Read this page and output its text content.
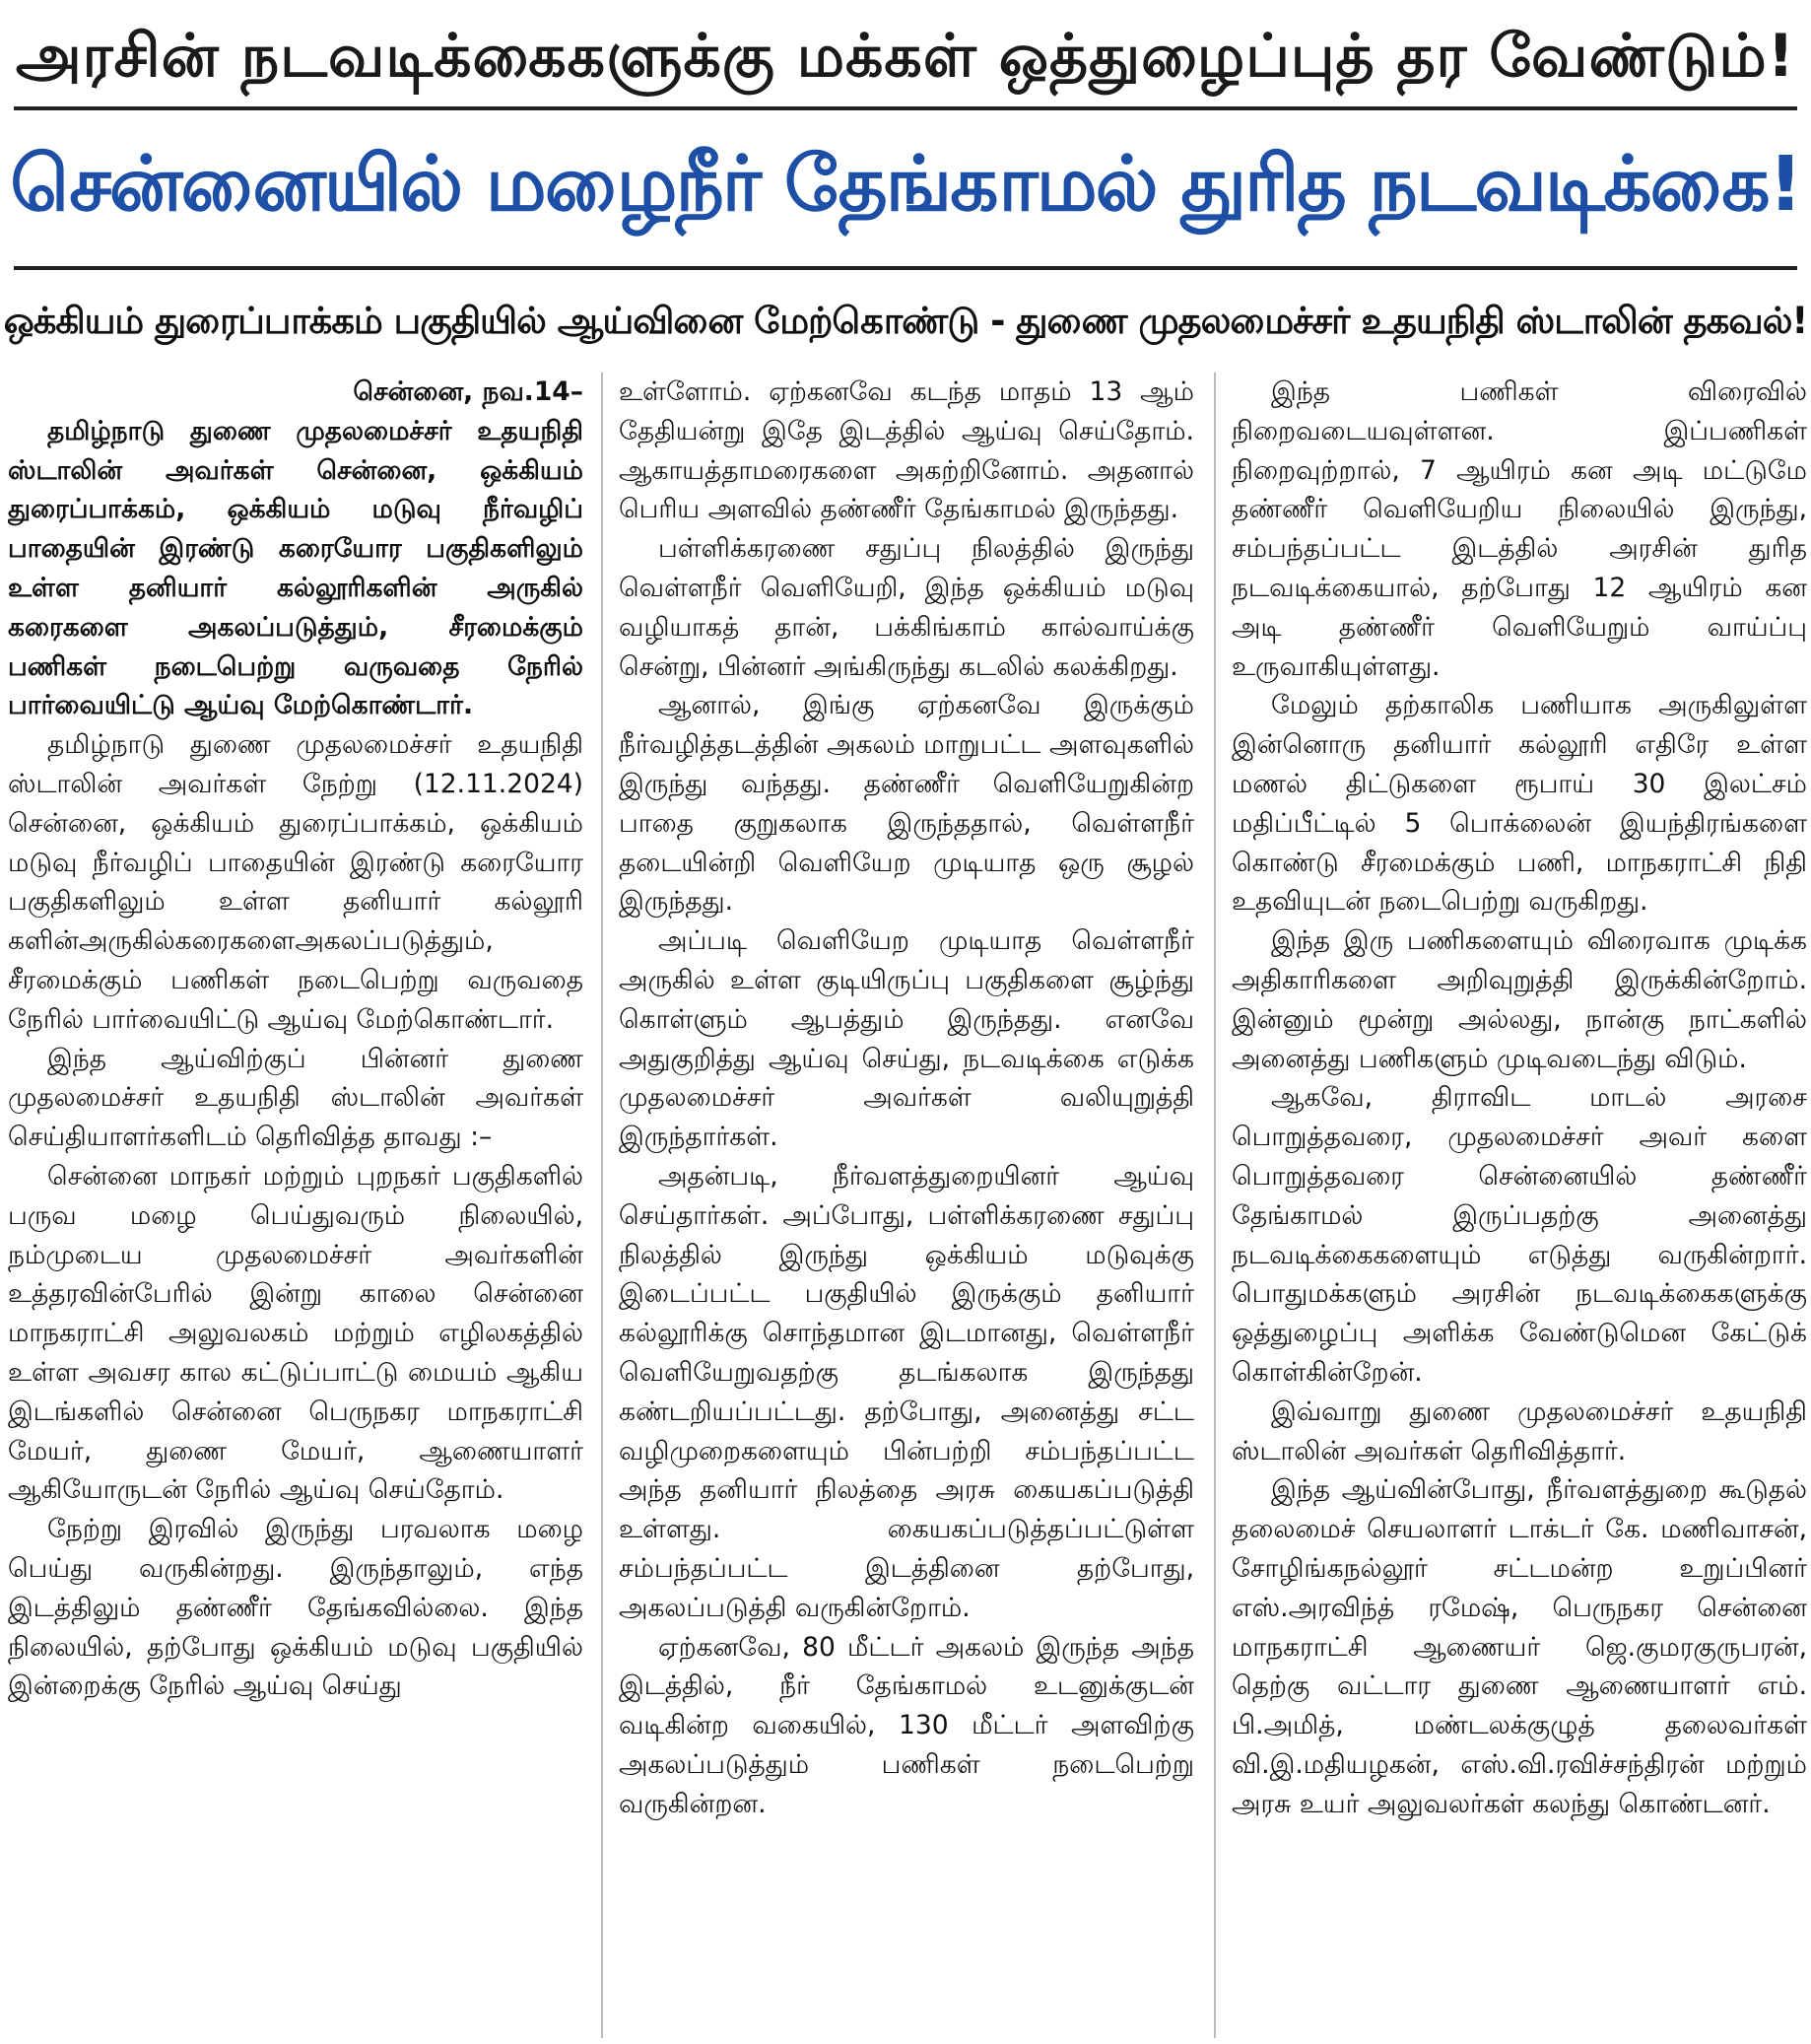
அரசின் நடவடிக்கைகளுக்கு மக்கள் ஒத்துழைப்புத் தர வேண்டும்!
சென்னையில் மழைநீர் தேங்காமல் துரித நடவடிக்கை!
ஒக்கியம் துரைப்பாக்கம் பகுதியில் ஆய்வினை மேற்கொண்டு - துணை முதலமைச்சர் உதயநிதி ஸ்டாலின் தகவல்!

சென்னை, நவ.14–

தமிழ்நாடு துணை முதலமைச்சர் உதயநிதி ஸ்டாலின் அவர்கள் சென்னை, ஒக்கியம் துரைப்பாக்கம், ஒக்கியம் மடுவு நீர்வழிப் பாதையின் இரண்டு கரையோர பகுதிகளிலும் உள்ள தனியார் கல்லூரிகளின் அருகில் கரைகளை அகலப்படுத்தும், சீரமைக்கும் பணிகள் நடைபெற்று வருவதை நேரில் பார்வையிட்டு ஆய்வு மேற்கொண்டார்.

தமிழ்நாடு துணை முதலமைச்சர் உதயநிதி ஸ்டாலின் அவர்கள் நேற்று (12.11.2024) சென்னை, ஒக்கியம் துரைப்பாக்கம், ஒக்கியம் மடுவு நீர்வழிப் பாதையின் இரண்டு கரையோர பகுதிகளிலும் உள்ள தனியார் கல்லூரி களின்அருகில்கரைகளைஅகலப்படுத்தும், சீரமைக்கும் பணிகள் நடைபெற்று வருவதை நேரில் பார்வையிட்டு ஆய்வு மேற்கொண்டார்.

இந்த ஆய்விற்குப் பின்னர் துணை முதலமைச்சர் உதயநிதி ஸ்டாலின் அவர்கள் செய்தியாளர்களிடம் தெரிவித்த தாவது :–

சென்னை மாநகர் மற்றும் புறநகர் பகுதிகளில் பருவ மழை பெய்துவரும் நிலையில், நம்முடைய முதலமைச்சர் அவர்களின் உத்தரவின்பேரில் இன்று காலை சென்னை மாநகராட்சி அலுவலகம் மற்றும் எழிலகத்தில் உள்ள அவசர கால கட்டுப்பாட்டு மையம் ஆகிய இடங்களில் சென்னை பெருநகர மாநகராட்சி மேயர், துணை மேயர், ஆணையாளர் ஆகியோருடன் நேரில் ஆய்வு செய்தோம்.

நேற்று இரவில் இருந்து பரவலாக மழை பெய்து வருகின்றது. இருந்தாலும், எந்த இடத்திலும் தண்ணீர் தேங்கவில்லை. இந்த நிலையில், தற்போது ஒக்கியம் மடுவு பகுதியில் இன்றைக்கு நேரில் ஆய்வு செய்து

உள்ளோம். ஏற்கனவே கடந்த மாதம் 13 ஆம் தேதியன்று இதே இடத்தில் ஆய்வு செய்தோம். ஆகாயத்தாமரைகளை அகற்றினோம். அதனால் பெரிய அளவில் தண்ணீர் தேங்காமல் இருந்தது.

பள்ளிக்கரணை சதுப்பு நிலத்தில் இருந்து வெள்ளநீர் வெளியேறி, இந்த ஒக்கியம் மடுவு வழியாகத் தான், பக்கிங்காம் கால்வாய்க்கு சென்று, பின்னர் அங்கிருந்து கடலில் கலக்கிறது.

ஆனால், இங்கு ஏற்கனவே இருக்கும் நீர்வழித்தடத்தின் அகலம் மாறுபட்ட அளவுகளில் இருந்து வந்தது. தண்ணீர் வெளியேறுகின்ற பாதை குறுகலாக இருந்ததால், வெள்ளநீர் தடையின்றி வெளியேற முடியாத ஒரு சூழல் இருந்தது.

அப்படி வெளியேற முடியாத வெள்ளநீர் அருகில் உள்ள குடியிருப்பு பகுதிகளை சூழ்ந்து கொள்ளும் ஆபத்தும் இருந்தது. எனவே அதுகுறித்து ஆய்வு செய்து, நடவடிக்கை எடுக்க முதலமைச்சர் அவர்கள் வலியுறுத்தி இருந்தார்கள்.

அதன்படி, நீர்வளத்துறையினர் ஆய்வு செய்தார்கள். அப்போது, பள்ளிக்கரணை சதுப்பு நிலத்தில் இருந்து ஒக்கியம் மடுவுக்கு இடைப்பட்ட பகுதியில் இருக்கும் தனியார் கல்லூரிக்கு சொந்தமான இடமானது, வெள்ளநீர் வெளியேறுவதற்கு தடங்கலாக இருந்தது கண்டறியப்பட்டது. தற்போது, அனைத்து சட்ட வழிமுறைகளையும் பின்பற்றி சம்பந்தப்பட்ட அந்த தனியார் நிலத்தை அரசு கையகப்படுத்தி உள்ளது. கையகப்படுத்தப்பட்டுள்ள சம்பந்தப்பட்ட இடத்தினை தற்போது, அகலப்படுத்தி வருகின்றோம்.

ஏற்கனவே, 80 மீட்டர் அகலம் இருந்த அந்த இடத்தில், நீர் தேங்காமல் உடனுக்குடன் வடிகின்ற வகையில், 130 மீட்டர் அளவிற்கு அகலப்படுத்தும் பணிகள் நடைபெற்று வருகின்றன.

இந்த பணிகள் விரைவில் நிறைவடையவுள்ளன. இப்பணிகள் நிறைவுற்றால், 7 ஆயிரம் கன அடி மட்டுமே தண்ணீர் வெளியேறிய நிலையில் இருந்து, சம்பந்தப்பட்ட இடத்தில் அரசின் துரித நடவடிக்கையால், தற்போது 12 ஆயிரம் கன அடி தண்ணீர் வெளியேறும் வாய்ப்பு உருவாகியுள்ளது.

மேலும் தற்காலிக பணியாக அருகிலுள்ள இன்னொரு தனியார் கல்லூரி எதிரே உள்ள மணல் திட்டுகளை ரூபாய் 30 இலட்சம் மதிப்பீட்டில் 5 பொக்லைன் இயந்திரங்களை கொண்டு சீரமைக்கும் பணி, மாநகராட்சி நிதி உதவியுடன் நடைபெற்று வருகிறது.

இந்த இரு பணிகளையும் விரைவாக முடிக்க அதிகாரிகளை அறிவுறுத்தி இருக்கின்றோம். இன்னும் மூன்று அல்லது, நான்கு நாட்களில் அனைத்து பணிகளும் முடிவடைந்து விடும்.

ஆகவே, திராவிட மாடல் அரசை பொறுத்தவரை, முதலமைச்சர் அவர் களை பொறுத்தவரை சென்னையில் தண்ணீர் தேங்காமல் இருப்பதற்கு அனைத்து நடவடிக்கைகளையும் எடுத்து வருகின்றார். பொதுமக்களும் அரசின் நடவடிக்கைகளுக்கு ஒத்துழைப்பு அளிக்க வேண்டுமென கேட்டுக் கொள்கின்றேன்.

இவ்வாறு துணை முதலமைச்சர் உதயநிதி ஸ்டாலின் அவர்கள் தெரிவித்தார்.

இந்த ஆய்வின்போது, நீர்வளத்துறை கூடுதல் தலைமைச் செயலாளர் டாக்டர் கே. மணிவாசன், சோழிங்கநல்லூர் சட்டமன்ற உறுப்பினர் எஸ்.அரவிந்த் ரமேஷ், பெருநகர சென்னை மாநகராட்சி ஆணையர் ஜெ.குமரகுருபரன், தெற்கு வட்டார துணை ஆணையாளர் எம். பி.அமித், மண்டலக்குழுத் தலைவர்கள் வி.இ.மதியழகன், எஸ்.வி.ரவிச்சந்திரன் மற்றும் அரசு உயர் அலுவலர்கள் கலந்து கொண்டனர்.
